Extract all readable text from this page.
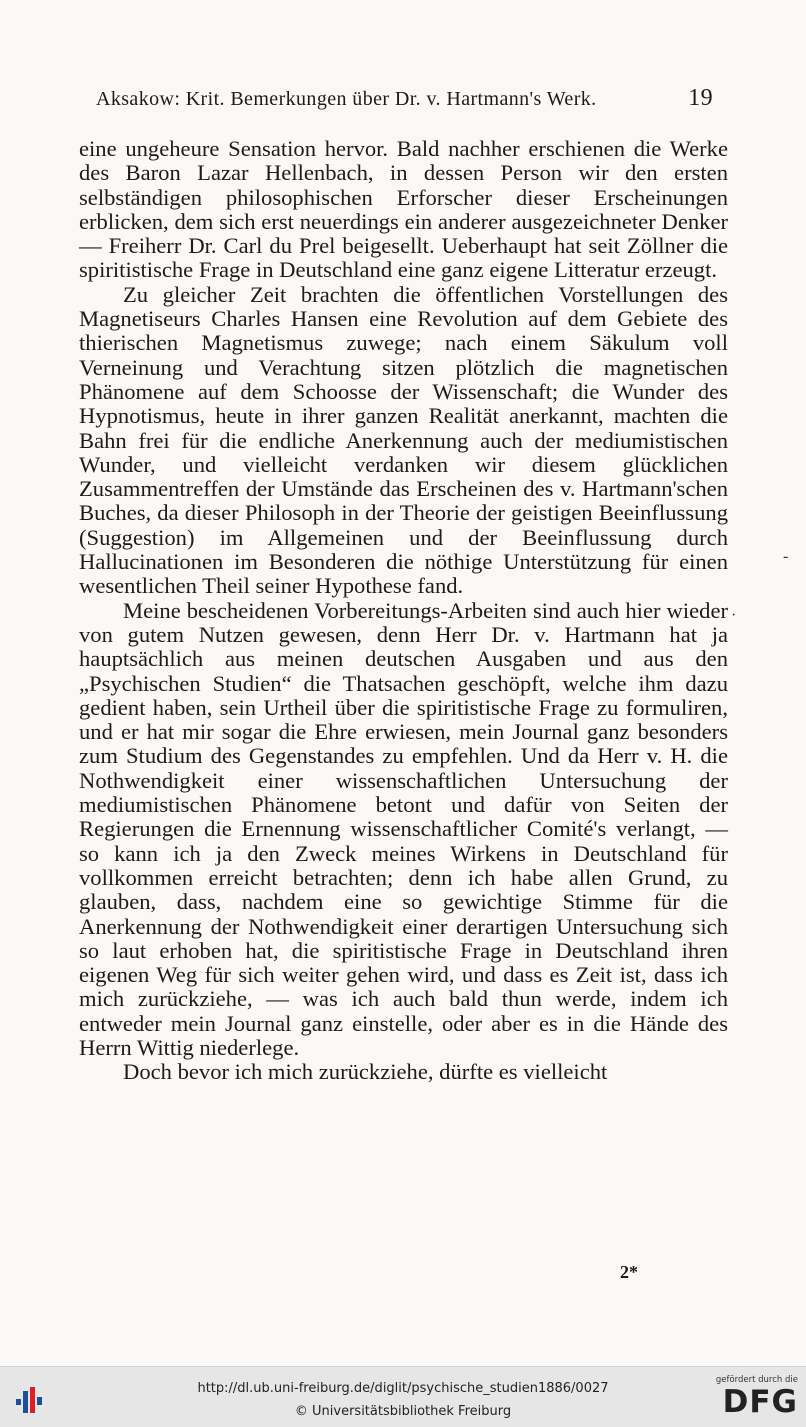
Aksakow: Krit. Bemerkungen über Dr. v. Hartmann's Werk.	19

eine ungeheure Sensation hervor. Bald nachher erschienen die Werke des Baron Lazar Hellenbach, in dessen Person wir den ersten selbständigen philosophischen Erforscher dieser Erscheinungen erblicken, dem sich erst neuerdings ein anderer ausgezeichneter Denker — Freiherr Dr. Carl du Prel beigesellt. Ueberhaupt hat seit Zöllner die spiritistische Frage in Deutschland eine ganz eigene Litteratur erzeugt.

Zu gleicher Zeit brachten die öffentlichen Vorstellungen des Magnetiseurs Charles Hansen eine Revolution auf dem Gebiete des thierischen Magnetismus zuwege; nach einem Säkulum voll Verneinung und Verachtung sitzen plötzlich die magnetischen Phänomene auf dem Schoosse der Wissenschaft; die Wunder des Hypnotismus, heute in ihrer ganzen Realität anerkannt, machten die Bahn frei für die endliche Anerkennung auch der mediumistischen Wunder, und vielleicht verdanken wir diesem glücklichen Zusammentreffen der Umstände das Erscheinen des v. Hartmann'schen Buches, da dieser Philosoph in der Theorie der geistigen Beeinflussung (Suggestion) im Allgemeinen und der Beeinflussung durch Hallucinationen im Besonderen die nöthige Unterstützung für einen wesentlichen Theil seiner Hypothese fand.

Meine bescheidenen Vorbereitungs-Arbeiten sind auch hier wieder von gutem Nutzen gewesen, denn Herr Dr. v. Hartmann hat ja hauptsächlich aus meinen deutschen Ausgaben und aus den „Psychischen Studien“ die Thatsachen geschöpft, welche ihm dazu gedient haben, sein Urtheil über die spiritistische Frage zu formuliren, und er hat mir sogar die Ehre erwiesen, mein Journal ganz besonders zum Studium des Gegenstandes zu empfehlen. Und da Herr v. H. die Nothwendigkeit einer wissenschaftlichen Untersuchung der mediumistischen Phänomene betont und dafür von Seiten der Regierungen die Ernennung wissenschaftlicher Comité's verlangt, — so kann ich ja den Zweck meines Wirkens in Deutschland für vollkommen erreicht betrachten; denn ich habe allen Grund, zu glauben, dass, nachdem eine so gewichtige Stimme für die Anerkennung der Nothwendigkeit einer derartigen Untersuchung sich so laut erhoben hat, die spiritistische Frage in Deutschland ihren eigenen Weg für sich weiter gehen wird, und dass es Zeit ist, dass ich mich zurückziehe, — was ich auch bald thun werde, indem ich entweder mein Journal ganz einstelle, oder aber es in die Hände des Herrn Wittig niederlege.

Doch bevor ich mich zurückziehe, dürfte es vielleicht

2*
‐
·
http://dl.ub.uni-freiburg.de/diglit/psychische_studien1886/0027
© Universitätsbibliothek Freiburg
gefördert durch die
DFG
